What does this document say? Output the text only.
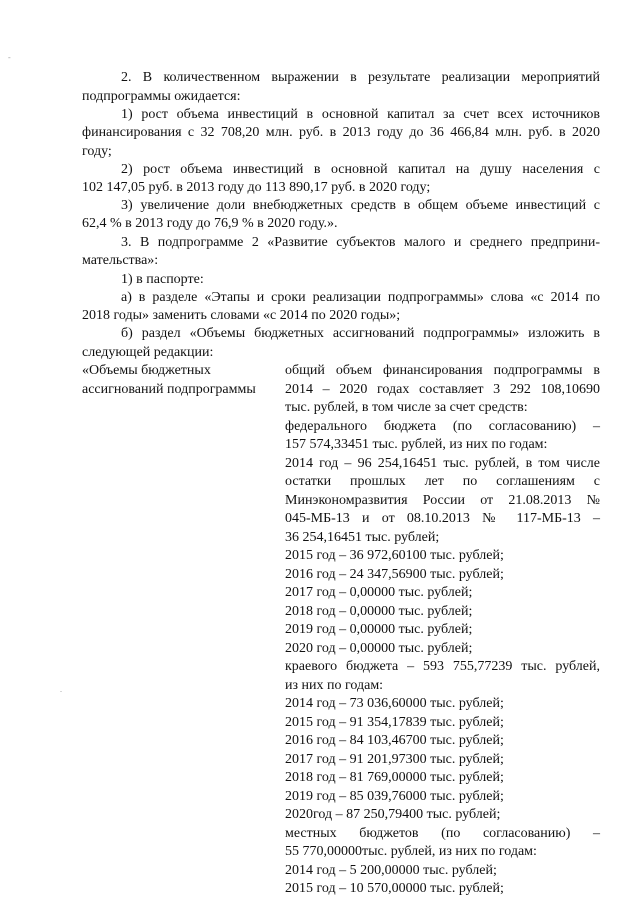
-
.
2. В количественном выражении в результате реализации мероприятий
подпрограммы ожидается:
1) рост объема инвестиций в основной капитал за счет всех источников
финансирования с 32 708,20 млн. руб. в 2013 году до 36 466,84 млн. руб. в 2020
году;
2) рост объема инвестиций в основной капитал на душу населения с
102 147,05 руб. в 2013 году до 113 890,17 руб. в 2020 году;
3) увеличение доли внебюджетных средств в общем объеме инвестиций с
62,4 % в 2013 году до 76,9 % в 2020 году.».
3. В подпрограмме 2 «Развитие субъектов малого и среднего предприни-
мательства»:
1) в паспорте:
а) в разделе «Этапы и сроки реализации подпрограммы» слова «с 2014 по
2018 годы» заменить словами «с 2014 по 2020 годы»;
б) раздел «Объемы бюджетных ассигнований подпрограммы» изложить в
следующей редакции:
«Объемы бюджетных
ассигнований подпрограммы
общий объем финансирования подпрограммы в
2014 – 2020 годах составляет 3 292 108,10690
тыс. рублей, в том числе за счет средств:
федерального бюджета (по согласованию) –
157 574,33451 тыс. рублей, из них по годам:
2014 год – 96 254,16451 тыс. рублей, в том числе
остатки прошлых лет по соглашениям с
Минэкономразвития России от 21.08.2013 №
045-МБ-13 и от 08.10.2013 № 117-МБ-13 –
36 254,16451 тыс. рублей;
2015 год – 36 972,60100 тыс. рублей;
2016 год – 24 347,56900 тыс. рублей;
2017 год – 0,00000 тыс. рублей;
2018 год – 0,00000 тыс. рублей;
2019 год – 0,00000 тыс. рублей;
2020 год – 0,00000 тыс. рублей;
краевого бюджета – 593 755,77239 тыс. рублей,
из них по годам:
2014 год – 73 036,60000 тыс. рублей;
2015 год – 91 354,17839 тыс. рублей;
2016 год – 84 103,46700 тыс. рублей;
2017 год – 91 201,97300 тыс. рублей;
2018 год – 81 769,00000 тыс. рублей;
2019 год – 85 039,76000 тыс. рублей;
2020год – 87 250,79400 тыс. рублей;
местных бюджетов (по согласованию) –
55 770,00000тыс. рублей, из них по годам:
2014 год – 5 200,00000 тыс. рублей;
2015 год – 10 570,00000 тыс. рублей;
